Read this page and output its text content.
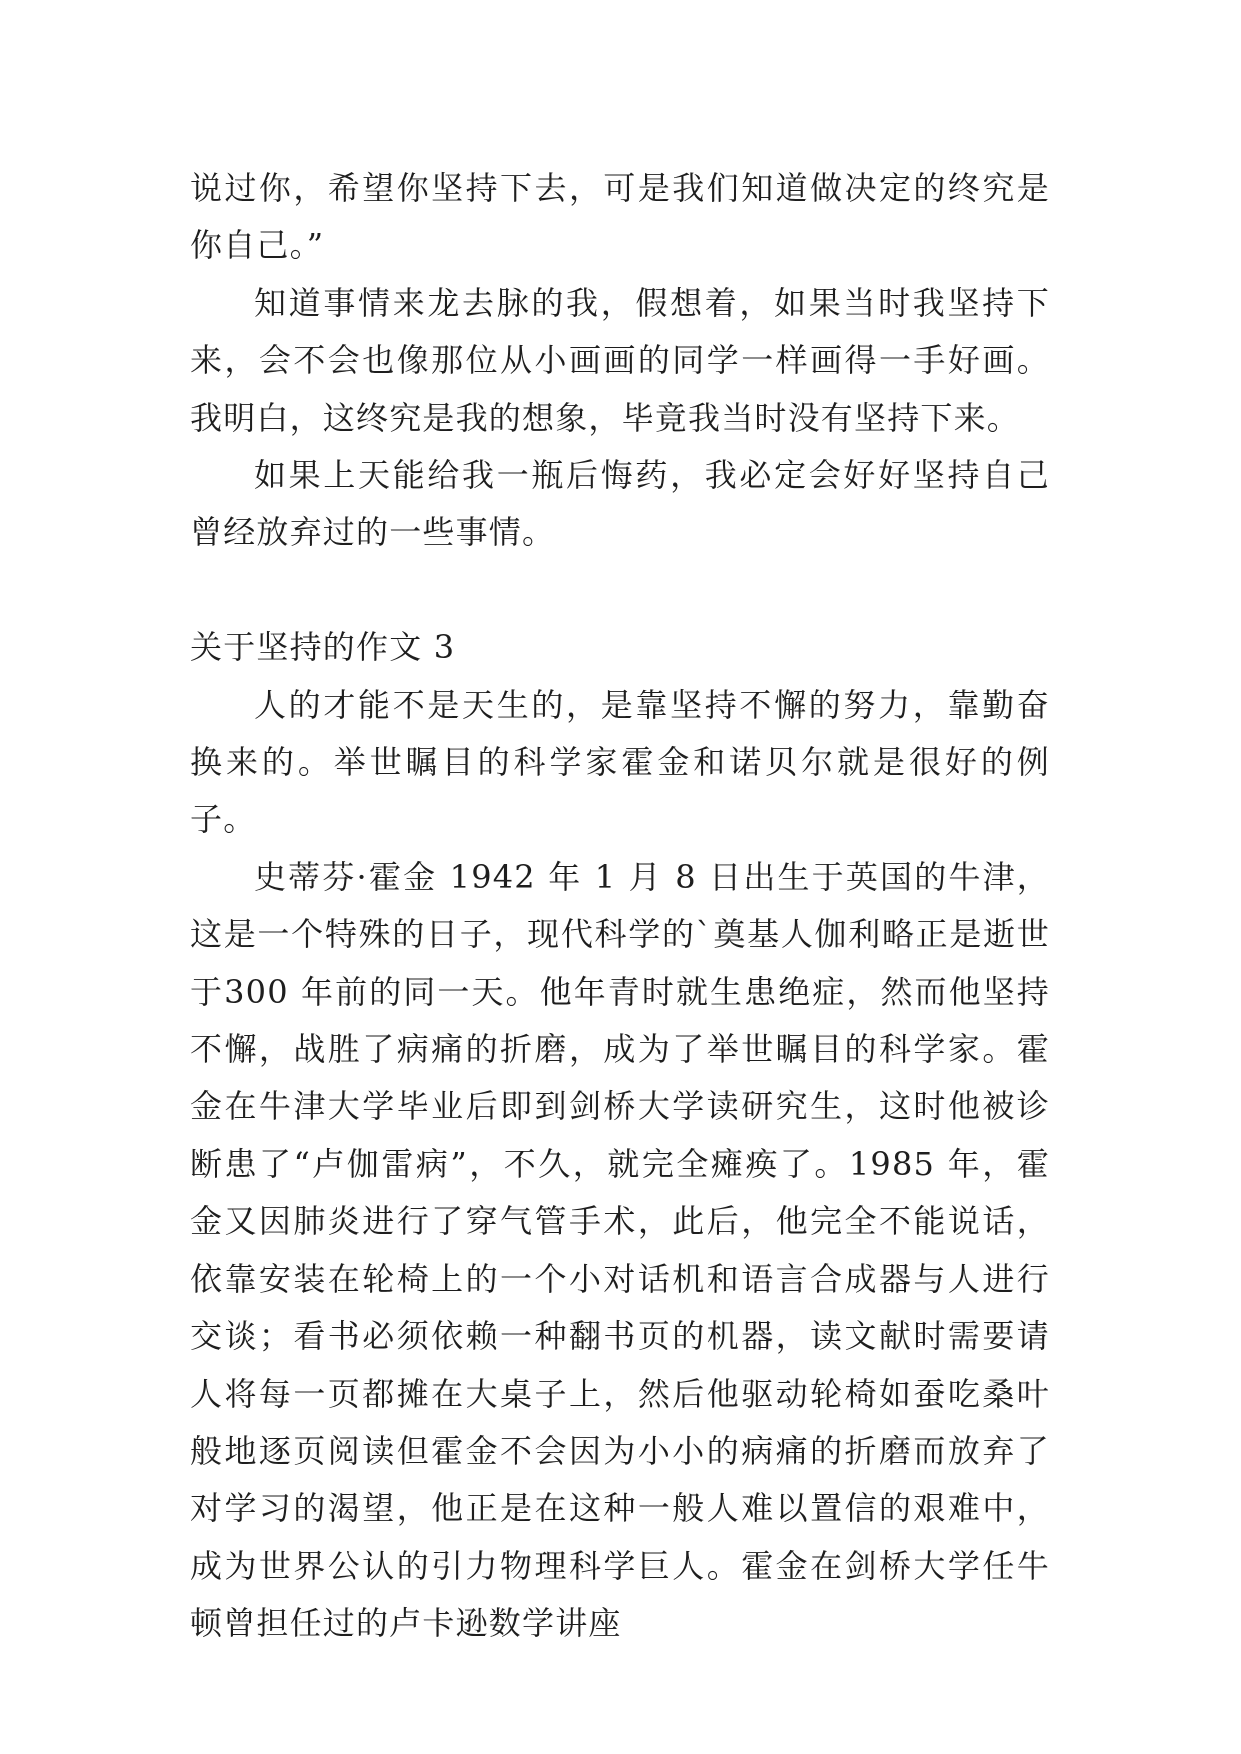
说过你，希望你坚持下去，可是我们知道做决定的终究是你自己。”

知道事情来龙去脉的我，假想着，如果当时我坚持下来，会不会也像那位从小画画的同学一样画得一手好画。我明白，这终究是我的想象，毕竟我当时没有坚持下来。

如果上天能给我一瓶后悔药，我必定会好好坚持自己曾经放弃过的一些事情。

关于坚持的作文 3

人的才能不是天生的，是靠坚持不懈的努力，靠勤奋换来的。举世瞩目的科学家霍金和诺贝尔就是很好的例子。

史蒂芬·霍金 1942 年 1 月 8 日出生于英国的牛津，这是一个特殊的日子，现代科学的`奠基人伽利略正是逝世于300 年前的同一天。他年青时就生患绝症，然而他坚持不懈，战胜了病痛的折磨，成为了举世瞩目的科学家。霍金在牛津大学毕业后即到剑桥大学读研究生，这时他被诊断患了“卢伽雷病”，不久，就完全瘫痪了。1985 年，霍金又因肺炎进行了穿气管手术，此后，他完全不能说话，依靠安装在轮椅上的一个小对话机和语言合成器与人进行交谈；看书必须依赖一种翻书页的机器，读文献时需要请人将每一页都摊在大桌子上，然后他驱动轮椅如蚕吃桑叶般地逐页阅读但霍金不会因为小小的病痛的折磨而放弃了对学习的渴望，他正是在这种一般人难以置信的艰难中，成为世界公认的引力物理科学巨人。霍金在剑桥大学任牛顿曾担任过的卢卡逊数学讲座
